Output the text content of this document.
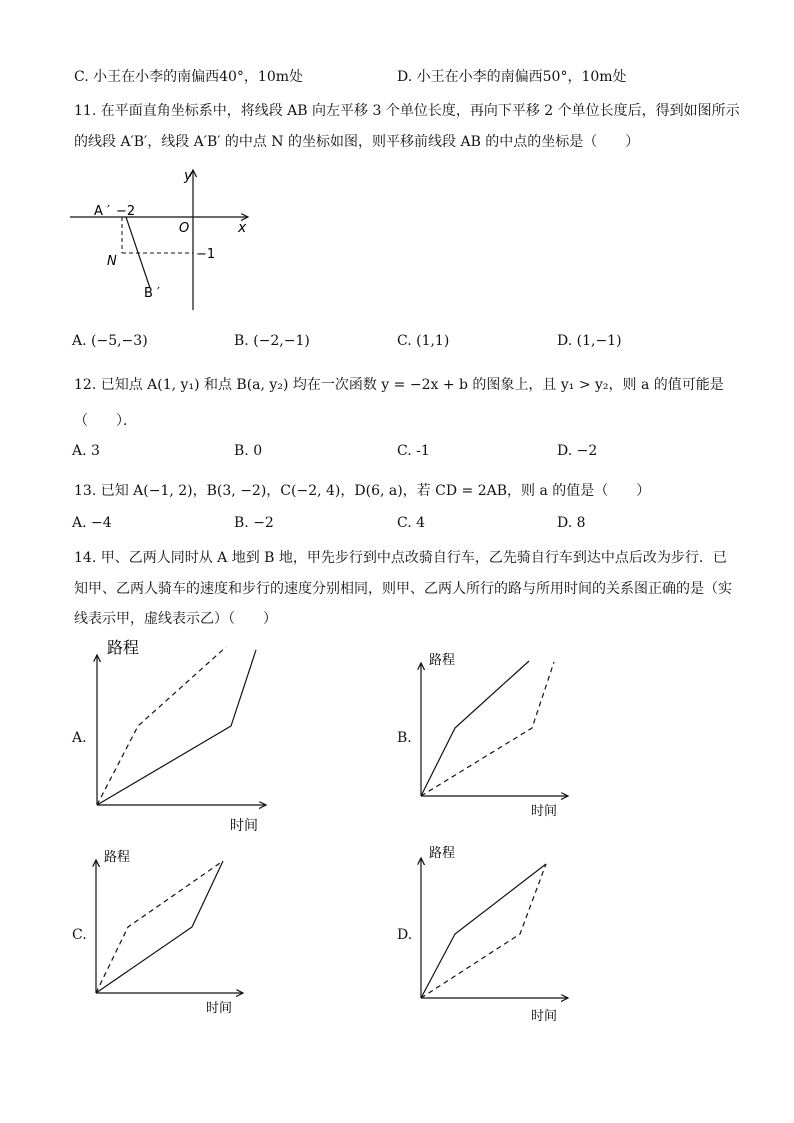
C. 小王在小李的南偏西40°，10m处	D. 小王在小李的南偏西50°，10m处
11. 在平面直角坐标系中，将线段 AB 向左平移 3 个单位长度，再向下平移 2 个单位长度后，得到如图所示
的线段 A′B′，线段 A′B′ 的中点 N 的坐标如图，则平移前线段 AB 的中点的坐标是（　　）
y
x
O
A ′ −2
N	−1
B ′
A. (−5,−3)	B. (−2,−1)	C. (1,1)	D. (1,−1)
12. 已知点 A(1, y₁) 和点 B(a, y₂) 均在一次函数 y = −2x + b 的图象上，且 y₁ > y₂，则 a 的值可能是
（　　）．
A. 3	B. 0	C. -1	D. −2
13. 已知 A(−1, 2)，B(3, −2)，C(−2, 4)，D(6, a)，若 CD = 2AB，则 a 的值是（　　）
A. −4	B. −2	C. 4	D. 8
14. 甲、乙两人同时从 A 地到 B 地，甲先步行到中点改骑自行车，乙先骑自行车到达中点后改为步行．已
知甲、乙两人骑车的速度和步行的速度分别相同，则甲、乙两人所行的路与所用时间的关系图正确的是（实
线表示甲，虚线表示乙）（　　）
A.
路程
时间
B.
路程
时间
C.
路程
时间
D.
路程
时间
